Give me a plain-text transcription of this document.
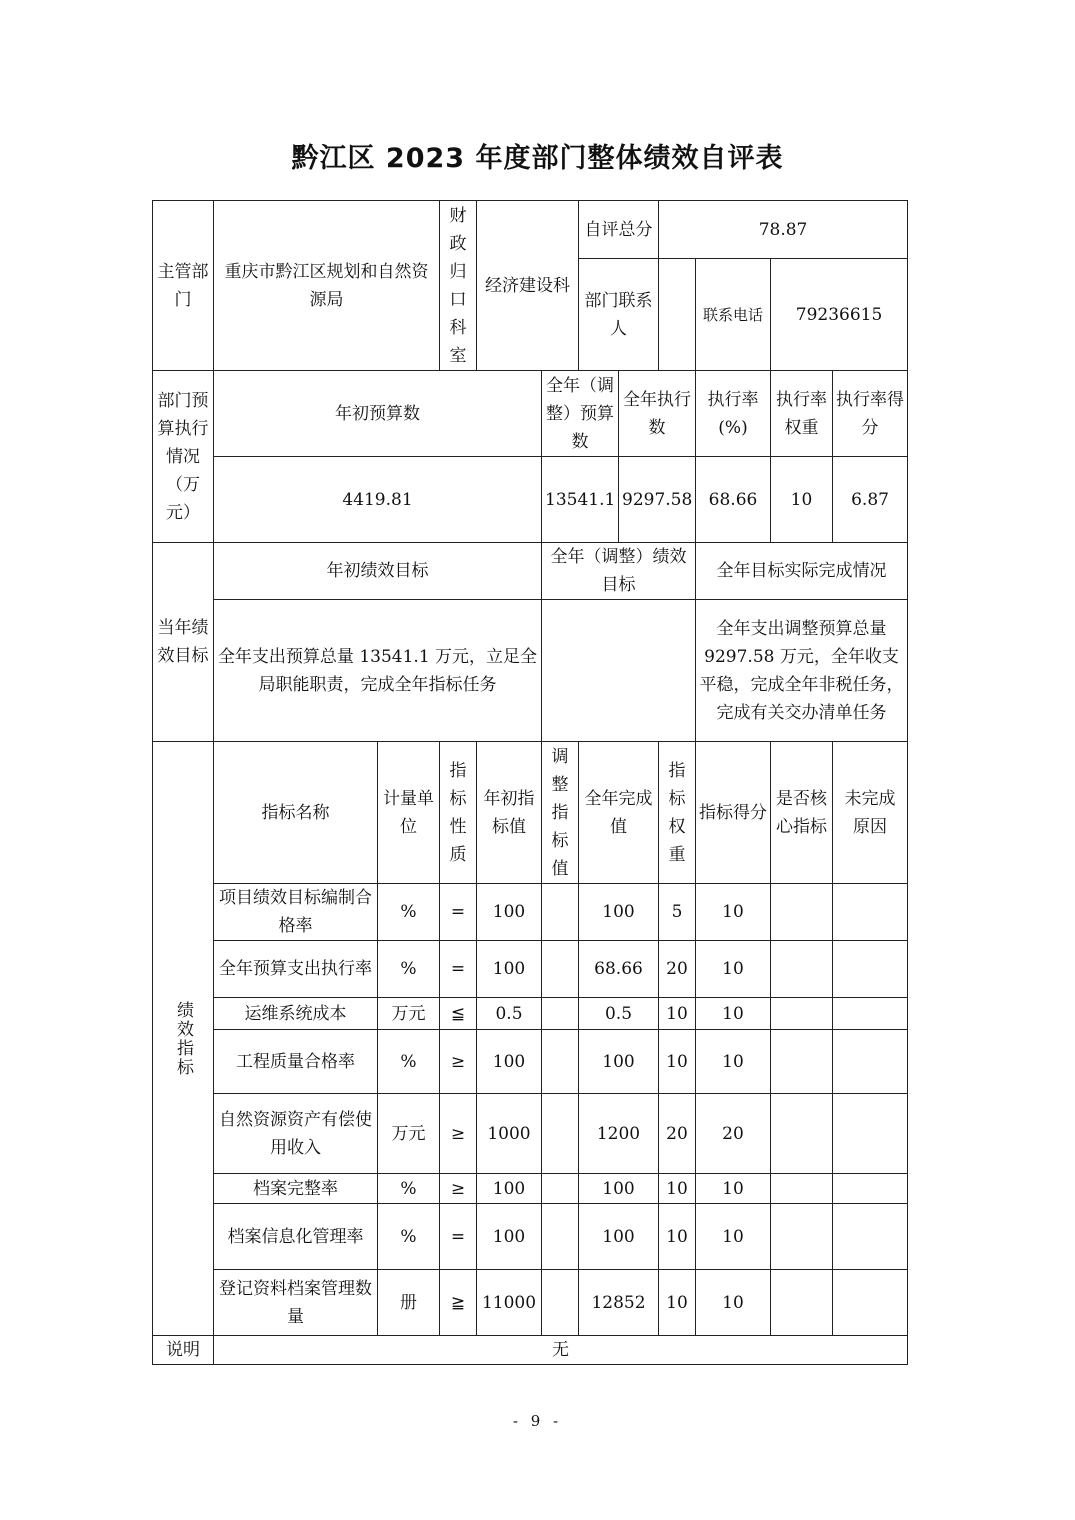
黔江区 2023 年度部门整体绩效自评表
主管部门	重庆市黔江区规划和自然资源局		财政归口科室	经济建设科		自评总分		78.87			
						部门联系人			联系电话	79236615	
部门预算执行情况（万元）	年初预算数				全年（调整）预算数		全年执行数		执行率(%)	执行率权重	执行率得分
	4419.81				13541.1		9297.58		68.66	10	6.87
当年绩效目标	年初绩效目标				全年（调整）绩效目标				全年目标实际完成情况		
	全年支出预算总量 13541.1 万元，立足全局职能职责，完成全年指标任务								全年支出调整预算总量 9297.58 万元，全年收支平稳，完成全年非税任务，完成有关交办清单任务		
绩效指标	指标名称	计量单位	指标性质	年初指标值	调整指标值	全年完成值		指标权重	指标得分	是否核心指标	未完成 原因
	项目绩效目标编制合格率	%	=	100		100		5	10		
	全年预算支出执行率	%	=	100		68.66		20	10		
	运维系统成本	万元	≦	0.5		0.5		10	10		
	工程质量合格率	%	≥	100		100		10	10		
	自然资源资产有偿使用收入	万元	≥	1000		1200		20	20		
	档案完整率	%	≥	100		100		10	10		
	档案信息化管理率	%	=	100		100		10	10		
	登记资料档案管理数量	册	≧	11000		12852		10	10		
说明	无										
- 9 -
